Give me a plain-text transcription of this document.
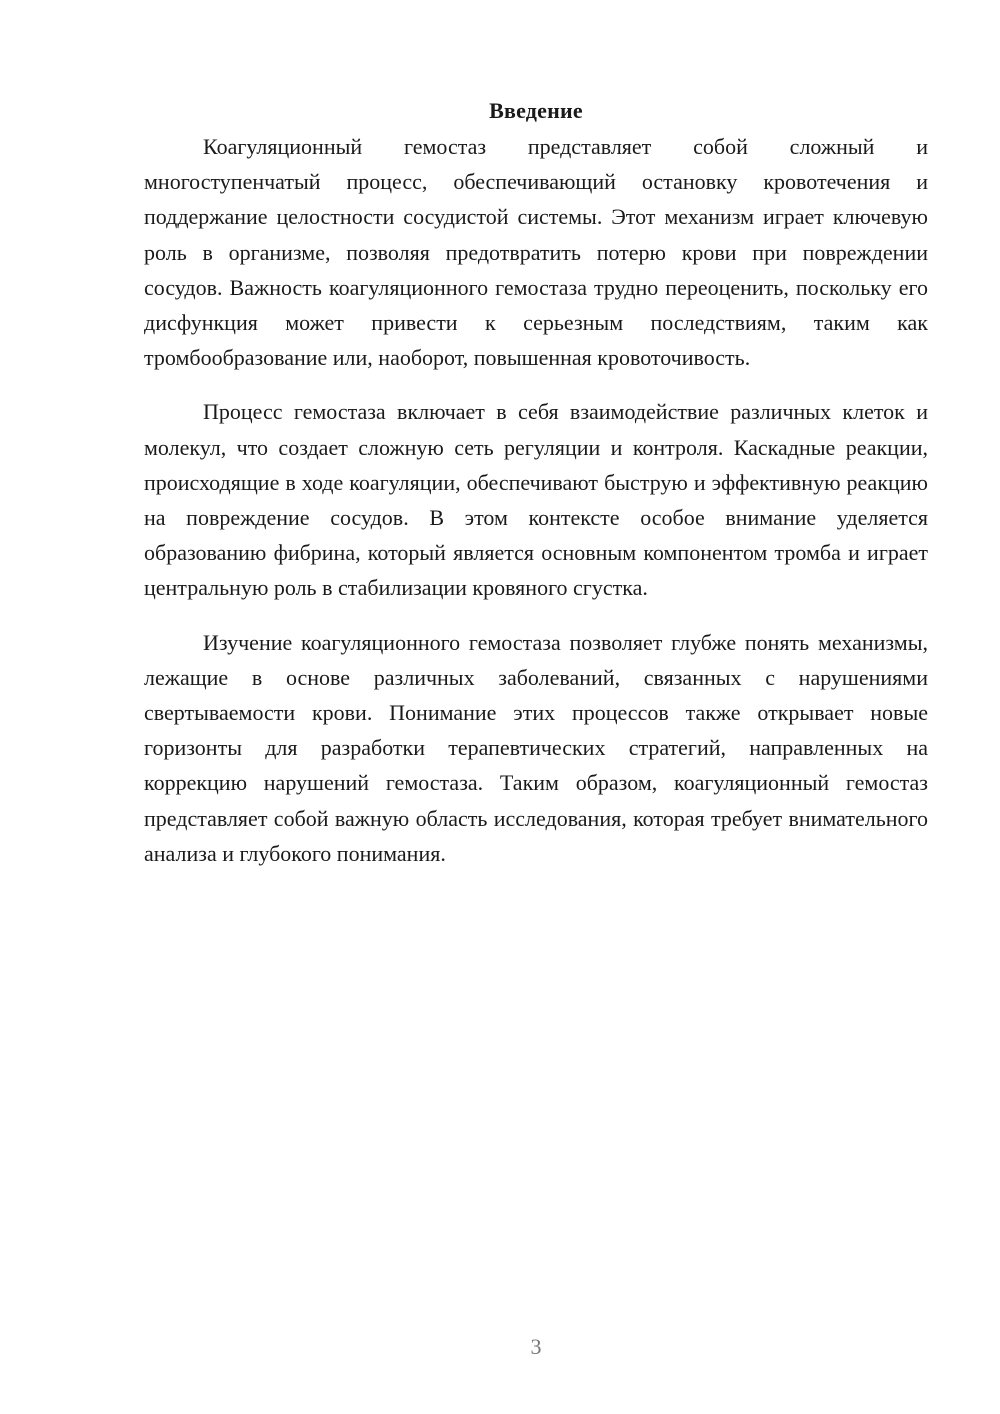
Введение

Коагуляционный гемостаз представляет собой сложный и многоступенчатый процесс, обеспечивающий остановку кровотечения и поддержание целостности сосудистой системы. Этот механизм играет ключевую роль в организме, позволяя предотвратить потерю крови при повреждении сосудов. Важность коагуляционного гемостаза трудно переоценить, поскольку его дисфункция может привести к серьезным последствиям, таким как тромбообразование или, наоборот, повышенная кровоточивость.

Процесс гемостаза включает в себя взаимодействие различных клеток и молекул, что создает сложную сеть регуляции и контроля. Каскадные реакции, происходящие в ходе коагуляции, обеспечивают быструю и эффективную реакцию на повреждение сосудов. В этом контексте особое внимание уделяется образованию фибрина, который является основным компонентом тромба и играет центральную роль в стабилизации кровяного сгустка.

Изучение коагуляционного гемостаза позволяет глубже понять механизмы, лежащие в основе различных заболеваний, связанных с нарушениями свертываемости крови. Понимание этих процессов также открывает новые горизонты для разработки терапевтических стратегий, направленных на коррекцию нарушений гемостаза. Таким образом, коагуляционный гемостаз представляет собой важную область исследования, которая требует внимательного анализа и глубокого понимания.

3
